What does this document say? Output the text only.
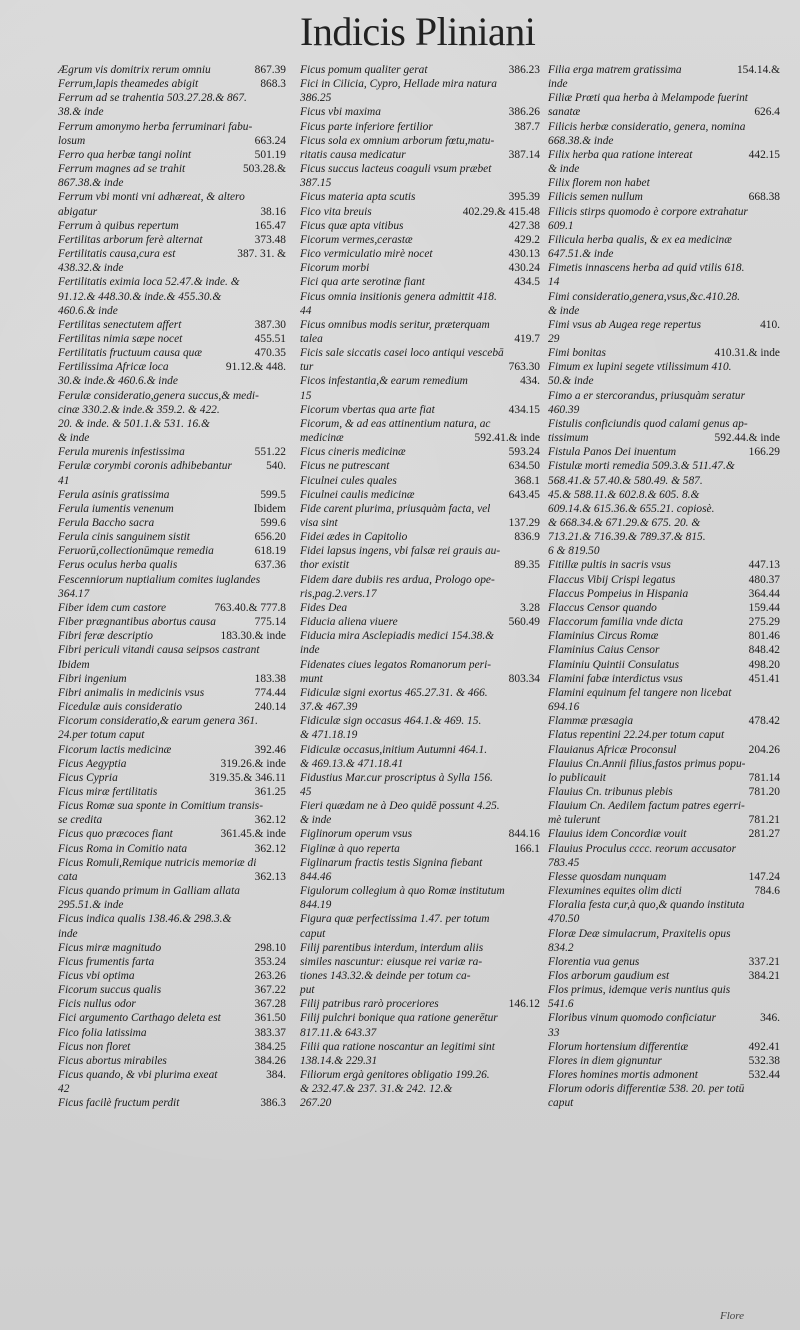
Indicis Pliniani
867.39
Ægrum vis domitrix rerum omniu
868.3
Ferrum,lapis theamedes abigit
Ferrum ad se trahentia 503.27.28.& 867.
38.& inde
Ferrum amonymo herba ferruminari fabu-
663.24
losum
501.19
Ferro qua herbæ tangi nolint
503.28.&
Ferrum magnes ad se trahit
867.38.& inde
Ferrum vbi monti vni adhæreat, & altero
38.16
abigatur
165.47
Ferrum à quibus repertum
373.48
Fertilitas arborum ferè alternat
387. 31. &
Fertilitatis causa,cura est
438.32.& inde
Fertilitatis eximia loca 52.47.& inde. &
91.12.& 448.30.& inde.& 455.30.&
460.6.& inde
387.30
Fertilitas senectutem affert
455.51
Fertilitas nimia sæpe nocet
470.35
Fertilitatis fructuum causa quæ
91.12.& 448.
Fertilissima Africæ loca
30.& inde.& 460.6.& inde
Ferulæ consideratio,genera succus,& medi-
cinæ 330.2.& inde.& 359.2. & 422.
20. & inde. & 501.1.& 531. 16.&
& inde
551.22
Ferula murenis infestissima
540.
Ferulæ corymbi coronis adhibebantur
41
599.5
Ferula asinis gratissima
Ibidem
Ferula iumentis venenum
599.6
Ferula Baccho sacra
656.20
Ferula cinis sanguinem sistit
618.19
Feruorū,collectionūmque remedia
637.36
Ferus oculus herba qualis
Fescenniorum nuptialium comites iuglandes
364.17
763.40.& 777.8
Fiber idem cum castore
775.14
Fiber prægnantibus abortus causa
183.30.& inde
Fibri feræ descriptio
Fibri periculi vitandi causa seipsos castrant
Ibidem
183.38
Fibri ingenium
774.44
Fibri animalis in medicinis vsus
240.14
Ficedulæ auis consideratio
Ficorum consideratio,& earum genera 361.
24.per totum caput
392.46
Ficorum lactis medicinæ
319.26.& inde
Ficus Aegyptia
319.35.& 346.11
Ficus Cypria
361.25
Ficus miræ fertilitatis
Ficus Romæ sua sponte in Comitium transis-
362.12
se credita
361.45.& inde
Ficus quo præcoces fiant
362.12
Ficus Roma in Comitio nata
Ficus Romuli,Remique nutricis memoriæ di
362.13
cata
Ficus quando primum in Galliam allata
295.51.& inde
Ficus indica qualis 138.46.& 298.3.&
inde
298.10
Ficus miræ magnitudo
353.24
Ficus frumentis farta
263.26
Ficus vbi optima
367.22
Ficorum succus qualis
367.28
Ficis nullus odor
361.50
Fici argumento Carthago deleta est
383.37
Fico folia latissima
384.25
Ficus non floret
384.26
Ficus abortus mirabiles
384.
Ficus quando, & vbi plurima exeat
42
386.3
Ficus facilè fructum perdit
386.23
Ficus pomum qualiter gerat
Fici in Cilicia, Cypro, Hellade mira natura
386.25
386.26
Ficus vbi maxima
387.7
Ficus parte inferiore fertilior
Ficus sola ex omnium arborum fœtu,matu-
387.14
ritatis causa medicatur
Ficus succus lacteus coaguli vsum præbet
387.15
395.39
Ficus materia apta scutis
402.29.& 415.48
Fico vita breuis
427.38
Ficus quæ apta vitibus
429.2
Ficorum vermes,cerastæ
430.13
Fico vermiculatio mirè nocet
430.24
Ficorum morbi
434.5
Fici qua arte serotinæ fiant
Ficus omnia insitionis genera admittit 418.
44
Ficus omnibus modis seritur, præterquam
419.7
talea
Ficis sale siccatis casei loco antiqui vescebā
763.30
tur
434.
Ficos infestantia,& earum remedium
15
434.15
Ficorum vbertas qua arte fiat
Ficorum, & ad eas attinentium natura, ac
592.41.& inde
medicinæ
593.24
Ficus cineris medicinæ
634.50
Ficus ne putrescant
368.1
Ficulnei cules quales
643.45
Ficulnei caulis medicinæ
Fide carent plurima, priusquàm facta, vel
137.29
visa sint
836.9
Fidei ædes in Capitolio
Fidei lapsus ingens, vbi falsæ rei grauis au-
89.35
thor existit
Fidem dare dubiis res ardua, Prologo ope-
ris,pag.2.vers.17
3.28
Fides Dea
560.49
Fiducia aliena viuere
Fiducia mira Asclepiadis medici 154.38.&
inde
Fidenates ciues legatos Romanorum peri-
803.34
munt
Fidiculæ signi exortus 465.27.31. & 466.
37.& 467.39
Fidiculæ sign occasus 464.1.& 469. 15.
& 471.18.19
Fidiculæ occasus,initium Autumni 464.1.
& 469.13.& 471.18.41
Fidustius Mar.cur proscriptus à Sylla 156.
45
Fieri quædam ne à Deo quidē possunt 4.25.
& inde
844.16
Figlinorum operum vsus
166.1
Figlinæ à quo reperta
Figlinarum fractis testis Signina fiebant
844.46
Figulorum collegium à quo Romæ institutum
844.19
Figura quæ perfectissima 1.47. per totum
caput
Filij parentibus interdum, interdum aliis
similes nascuntur: eiusque rei variæ ra-
tiones 143.32.& deinde per totum ca-
put
146.12
Filij patribus rarò proceriores
Filij pulchri bonique qua ratione generētur
817.11.& 643.37
Filii qua ratione noscantur an legitimi sint
138.14.& 229.31
Filiorum ergà genitores obligatio 199.26.
& 232.47.& 237. 31.& 242. 12.&
267.20
154.14.&
Filia erga matrem gratissima
inde
Filiæ Prœti qua herba à Melampode fuerint
626.4
sanatæ
Filicis herbæ consideratio, genera, nomina
668.38.& inde
442.15
Filix herba qua ratione intereat
& inde
Filix florem non habet
668.38
Filicis semen nullum
Filicis stirps quomodo è corpore extrahatur
609.1
Filicula herba qualis, & ex ea medicinæ
647.51.& inde
Fimetis innascens herba ad quid vtilis 618.
14
Fimi consideratio,genera,vsus,&c.410.28.
& inde
410.
Fimi vsus ab Augea rege repertus
29
410.31.& inde
Fimi bonitas
Fimum ex lupini segete vtilissimum 410.
50.& inde
Fimo a er stercorandus, priusquàm seratur
460.39
Fistulis conficiundis quod calami genus ap-
592.44.& inde
tissimum
166.29
Fistula Panos Dei inuentum
Fistulæ morti remedia 509.3.& 511.47.&
568.41.& 57.40.& 580.49. & 587.
45.& 588.11.& 602.8.& 605. 8.&
609.14.& 615.36.& 655.21. copiosè.
& 668.34.& 671.29.& 675. 20. &
713.21.& 716.39.& 789.37.& 815.
6 & 819.50
447.13
Fitillæ pultis in sacris vsus
480.37
Flaccus Vibij Crispi legatus
364.44
Flaccus Pompeius in Hispania
159.44
Flaccus Censor quando
275.29
Flaccorum familia vnde dicta
801.46
Flaminius Circus Romæ
848.42
Flaminius Caius Censor
498.20
Flaminiu Quintii Consulatus
451.41
Flamini fabæ interdictus vsus
Flamini equinum fel tangere non licebat
694.16
478.42
Flammæ præsagia
Flatus repentini 22.24.per totum caput
204.26
Flauianus Africæ Proconsul
Flauius Cn.Annii filius,fastos primus popu-
781.14
lo publicauit
781.20
Flauius Cn. tribunus plebis
Flauium Cn. Aedilem factum patres egerri-
781.21
mè tulerunt
281.27
Flauius idem Concordiæ vouit
Flauius Proculus cccc. reorum accusator
783.45
147.24
Flesse quosdam nunquam
784.6
Flexumines equites olim dicti
Floralia festa cur,à quo,& quando instituta
470.50
Floræ Deæ simulacrum, Praxitelis opus
834.2
337.21
Florentia vua genus
384.21
Flos arborum gaudium est
Flos primus, idemque veris nuntius quis
541.6
346.
Floribus vinum quomodo conficiatur
33
492.41
Florum hortensium differentiæ
532.38
Flores in diem gignuntur
532.44
Flores homines mortis admonent
Florum odoris differentiæ 538. 20. per totū
caput
Flore
